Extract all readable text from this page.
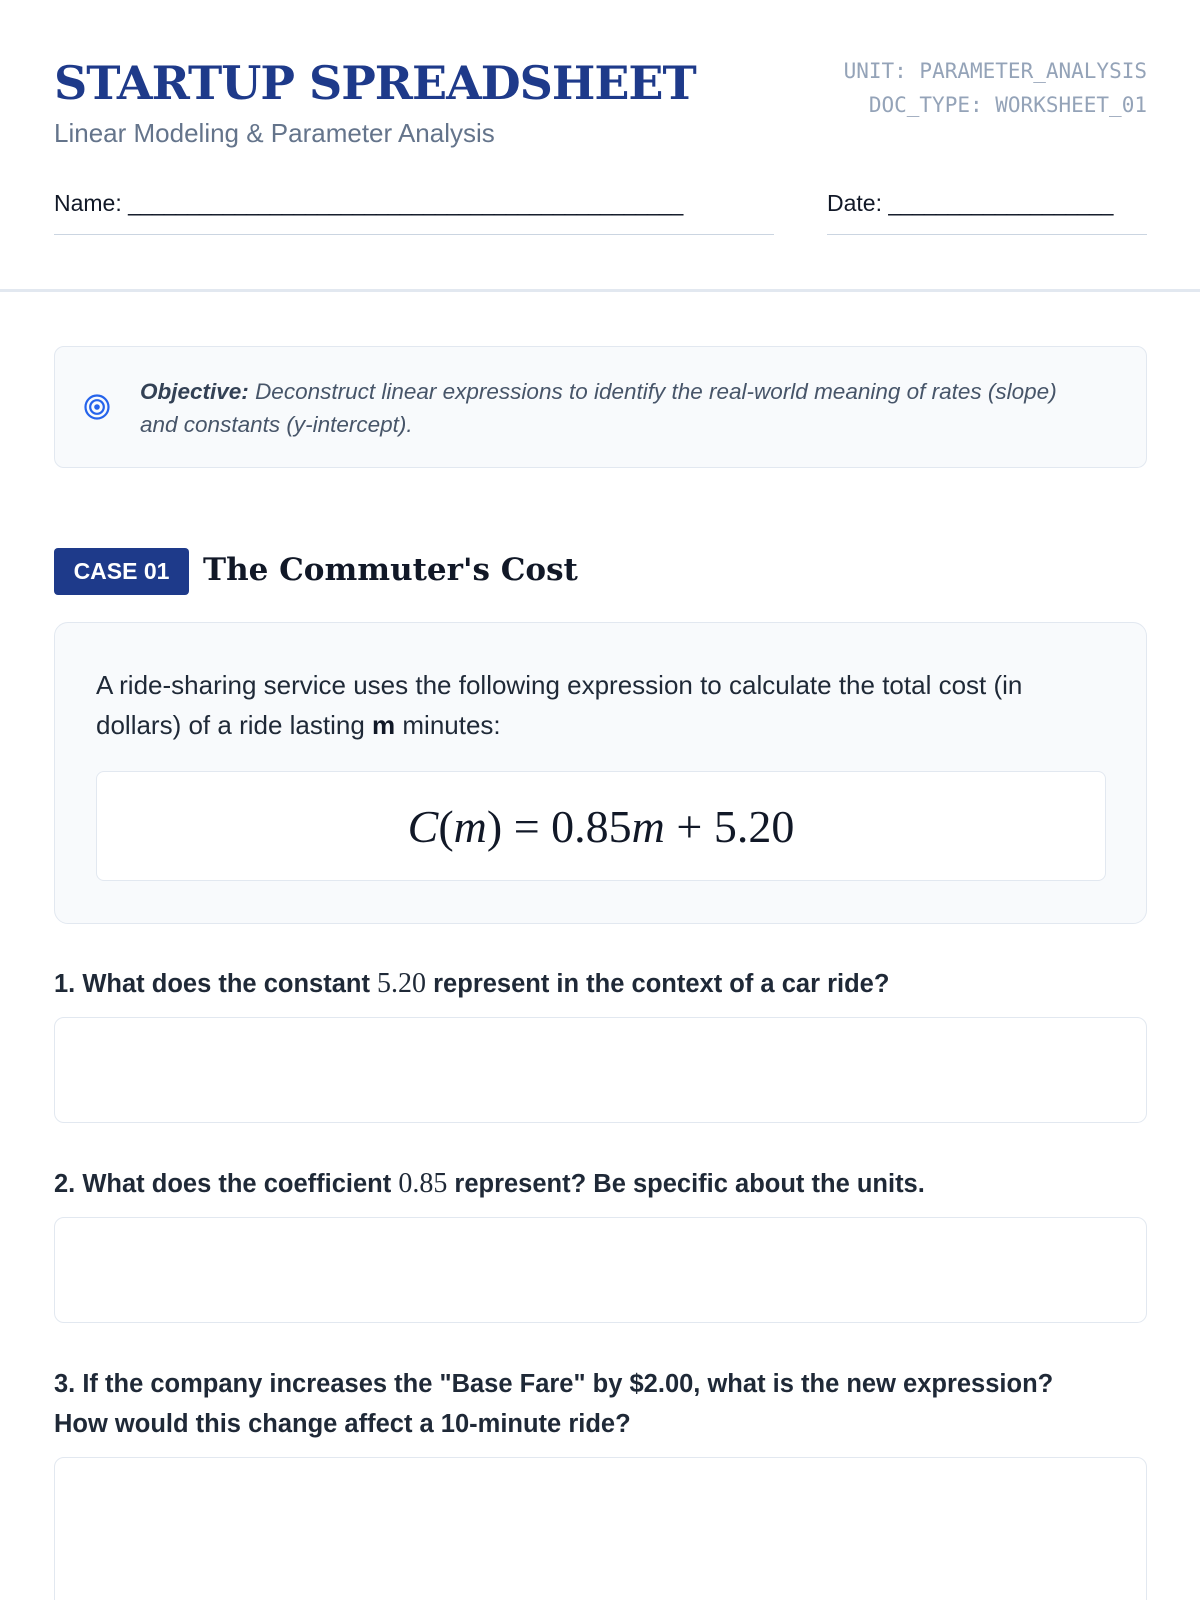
STARTUP SPREADSHEET
Linear Modeling & Parameter Analysis
UNIT: PARAMETER_ANALYSIS
DOC_TYPE: WORKSHEET_01
Name: _______________________________________________	Date: ___________________
Objective: Deconstruct linear expressions to identify the real-world meaning of rates (slope) and constants (y-intercept).
CASE 01	The Commuter's Cost

A ride-sharing service uses the following expression to calculate the total cost (in dollars) of a ride lasting m minutes:

C(m) = 0.85m + 5.20
1. What does the constant 5.20 represent in the context of a car ride?
2. What does the coefficient 0.85 represent? Be specific about the units.
3. If the company increases the "Base Fare" by $2.00, what is the new expression?
How would this change affect a 10-minute ride?
